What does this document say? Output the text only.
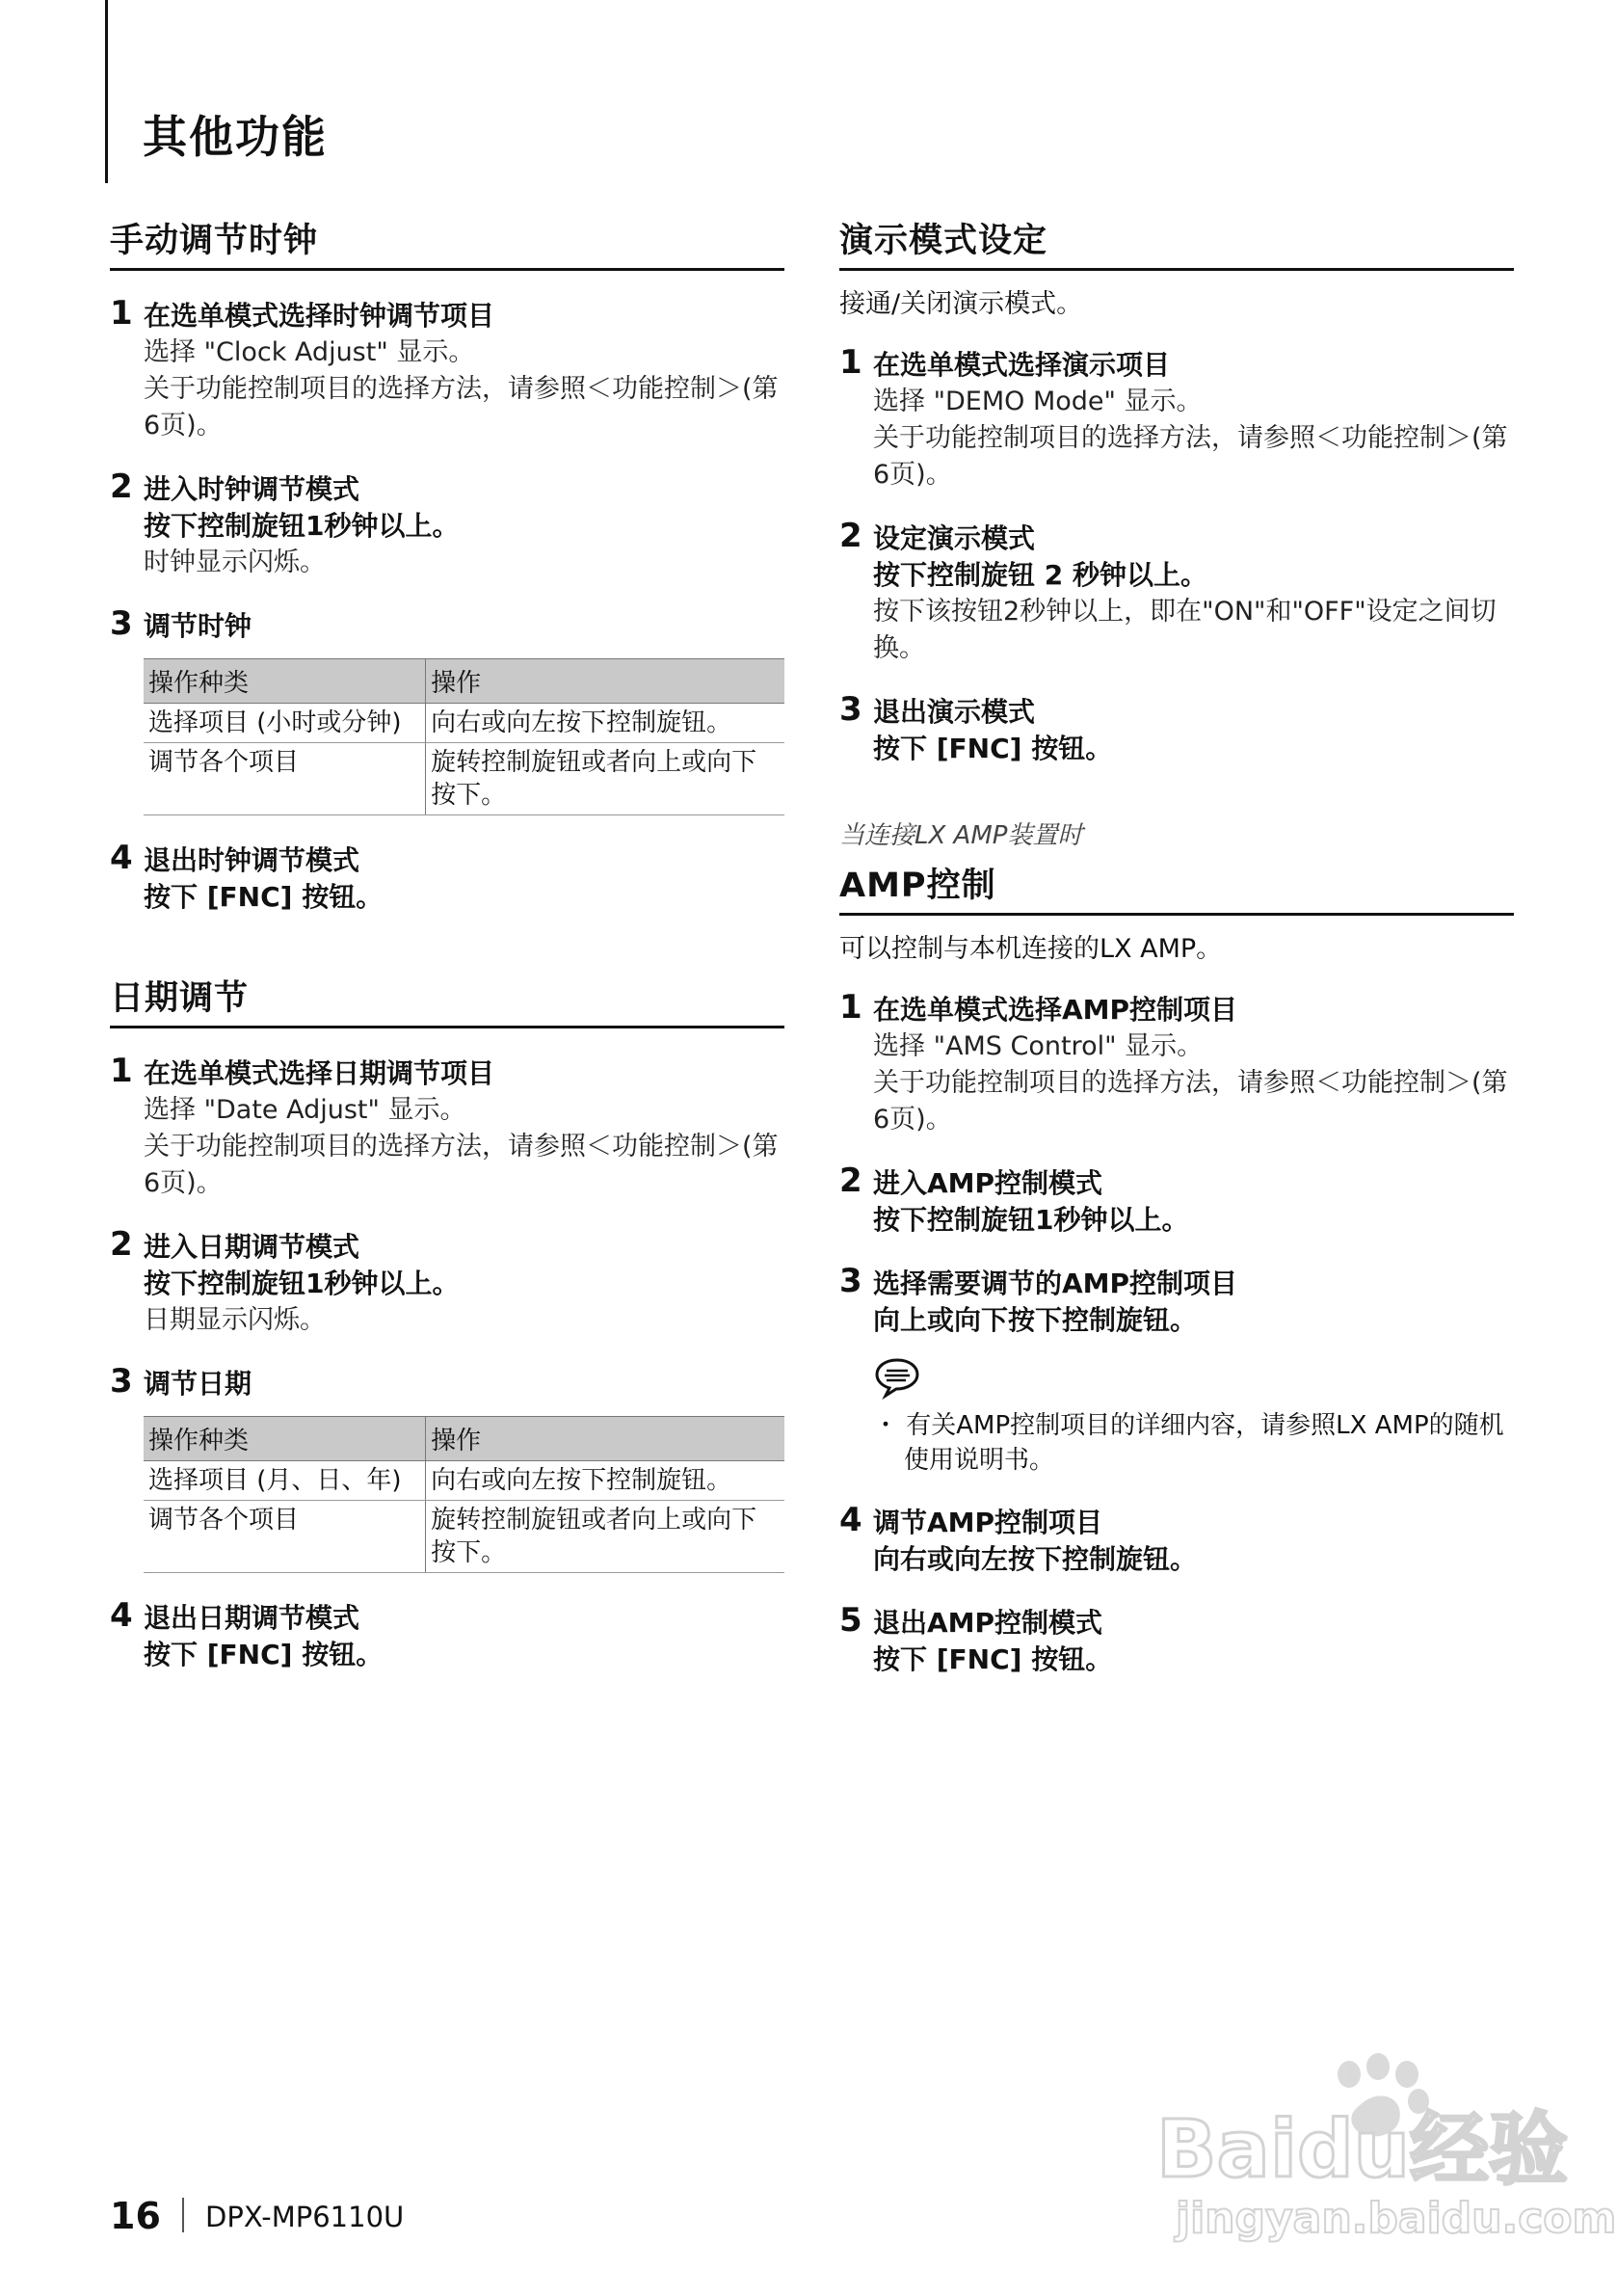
其他功能
手动调节时钟
1 在选单模式选择时钟调节项目
选择 "Clock Adjust" 显示。
关于功能控制项目的选择方法，请参照＜功能控制＞(第6页)。
2 进入时钟调节模式
按下控制旋钮1秒钟以上。
时钟显示闪烁。
3 调节时钟
操作种类	操作
选择项目 (小时或分钟)	向右或向左按下控制旋钮。
调节各个项目	旋转控制旋钮或者向上或向下按下。
4 退出时钟调节模式
按下 [FNC] 按钮。
日期调节
1 在选单模式选择日期调节项目
选择 "Date Adjust" 显示。
关于功能控制项目的选择方法，请参照＜功能控制＞(第6页)。
2 进入日期调节模式
按下控制旋钮1秒钟以上。
日期显示闪烁。
3 调节日期
操作种类	操作
选择项目 (月、日、年)	向右或向左按下控制旋钮。
调节各个项目	旋转控制旋钮或者向上或向下按下。
4 退出日期调节模式
按下 [FNC] 按钮。
演示模式设定
接通/关闭演示模式。
1 在选单模式选择演示项目
选择 "DEMO Mode" 显示。
关于功能控制项目的选择方法，请参照＜功能控制＞(第6页)。
2 设定演示模式
按下控制旋钮 2 秒钟以上。
按下该按钮2秒钟以上，即在"ON"和"OFF"设定之间切换。
3 退出演示模式
按下 [FNC] 按钮。
当连接LX AMP装置时
AMP控制
可以控制与本机连接的LX AMP。
1 在选单模式选择AMP控制项目
选择 "AMS Control" 显示。
关于功能控制项目的选择方法，请参照＜功能控制＞(第6页)。
2 进入AMP控制模式
按下控制旋钮1秒钟以上。
3 选择需要调节的AMP控制项目
向上或向下按下控制旋钮。
・ 有关AMP控制项目的详细内容，请参照LX AMP的随机使用说明书。
4 调节AMP控制项目
向右或向左按下控制旋钮。
5 退出AMP控制模式
按下 [FNC] 按钮。
Baidu经验
jingyan.baidu.com
16 DPX-MP6110U
